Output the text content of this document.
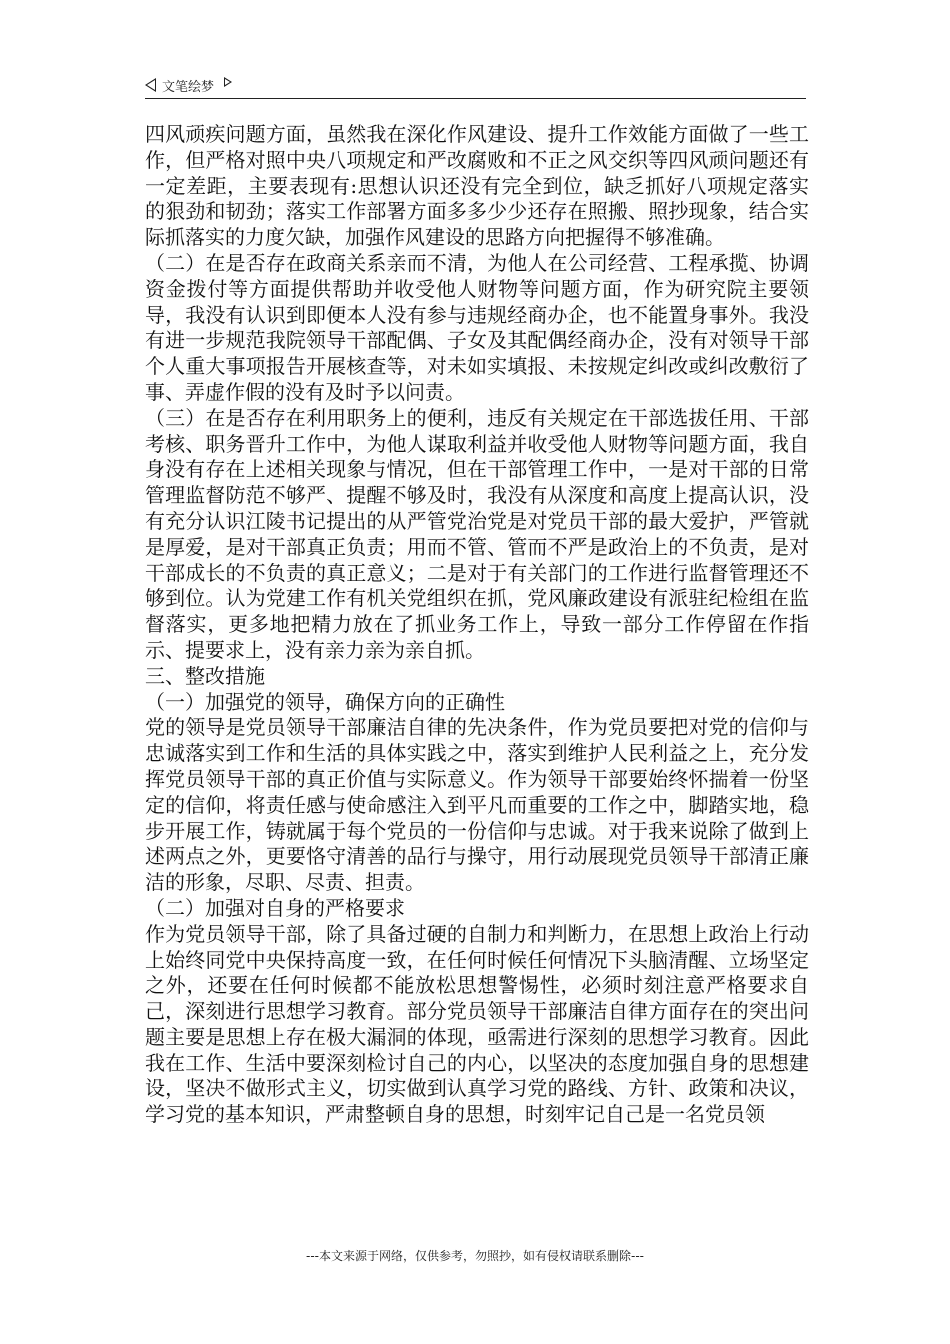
文笔绘梦

四风顽疾问题方面，虽然我在深化作风建设、提升工作效能方面做了一些工作，但严格对照中央八项规定和严改腐败和不正之风交织等四风顽问题还有一定差距，主要表现有:思想认识还没有完全到位，缺乏抓好八项规定落实的狠劲和韧劲；落实工作部署方面多多少少还存在照搬、照抄现象，结合实际抓落实的力度欠缺，加强作风建设的思路方向把握得不够准确。

（二）在是否存在政商关系亲而不清，为他人在公司经营、工程承揽、协调资金拨付等方面提供帮助并收受他人财物等问题方面，作为研究院主要领导，我没有认识到即便本人没有参与违规经商办企，也不能置身事外。我没有进一步规范我院领导干部配偶、子女及其配偶经商办企，没有对领导干部个人重大事项报告开展核查等，对未如实填报、未按规定纠改或纠改敷衍了事、弄虚作假的没有及时予以问责。

（三）在是否存在利用职务上的便利，违反有关规定在干部选拔任用、干部考核、职务晋升工作中，为他人谋取利益并收受他人财物等问题方面，我自身没有存在上述相关现象与情况，但在干部管理工作中，一是对干部的日常管理监督防范不够严、提醒不够及时，我没有从深度和高度上提高认识，没有充分认识江陵书记提出的从严管党治党是对党员干部的最大爱护，严管就是厚爱，是对干部真正负责；用而不管、管而不严是政治上的不负责，是对干部成长的不负责的真正意义；二是对于有关部门的工作进行监督管理还不够到位。认为党建工作有机关党组织在抓，党风廉政建设有派驻纪检组在监督落实，更多地把精力放在了抓业务工作上，导致一部分工作停留在作指示、提要求上，没有亲力亲为亲自抓。

三、整改措施

（一）加强党的领导，确保方向的正确性

党的领导是党员领导干部廉洁自律的先决条件，作为党员要把对党的信仰与忠诚落实到工作和生活的具体实践之中，落实到维护人民利益之上，充分发挥党员领导干部的真正价值与实际意义。作为领导干部要始终怀揣着一份坚定的信仰，将责任感与使命感注入到平凡而重要的工作之中，脚踏实地，稳步开展工作，铸就属于每个党员的一份信仰与忠诚。对于我来说除了做到上述两点之外，更要恪守清善的品行与操守，用行动展现党员领导干部清正廉洁的形象，尽职、尽责、担责。

（二）加强对自身的严格要求

作为党员领导干部，除了具备过硬的自制力和判断力，在思想上政治上行动上始终同党中央保持高度一致，在任何时候任何情况下头脑清醒、立场坚定之外，还要在任何时候都不能放松思想警惕性，必须时刻注意严格要求自己，深刻进行思想学习教育。部分党员领导干部廉洁自律方面存在的突出问题主要是思想上存在极大漏洞的体现，亟需进行深刻的思想学习教育。因此我在工作、生活中要深刻检讨自己的内心，以坚决的态度加强自身的思想建设，坚决不做形式主义，切实做到认真学习党的路线、方针、政策和决议，学习党的基本知识，严肃整顿自身的思想，时刻牢记自己是一名党员领

---本文来源于网络，仅供参考，勿照抄，如有侵权请联系删除---
